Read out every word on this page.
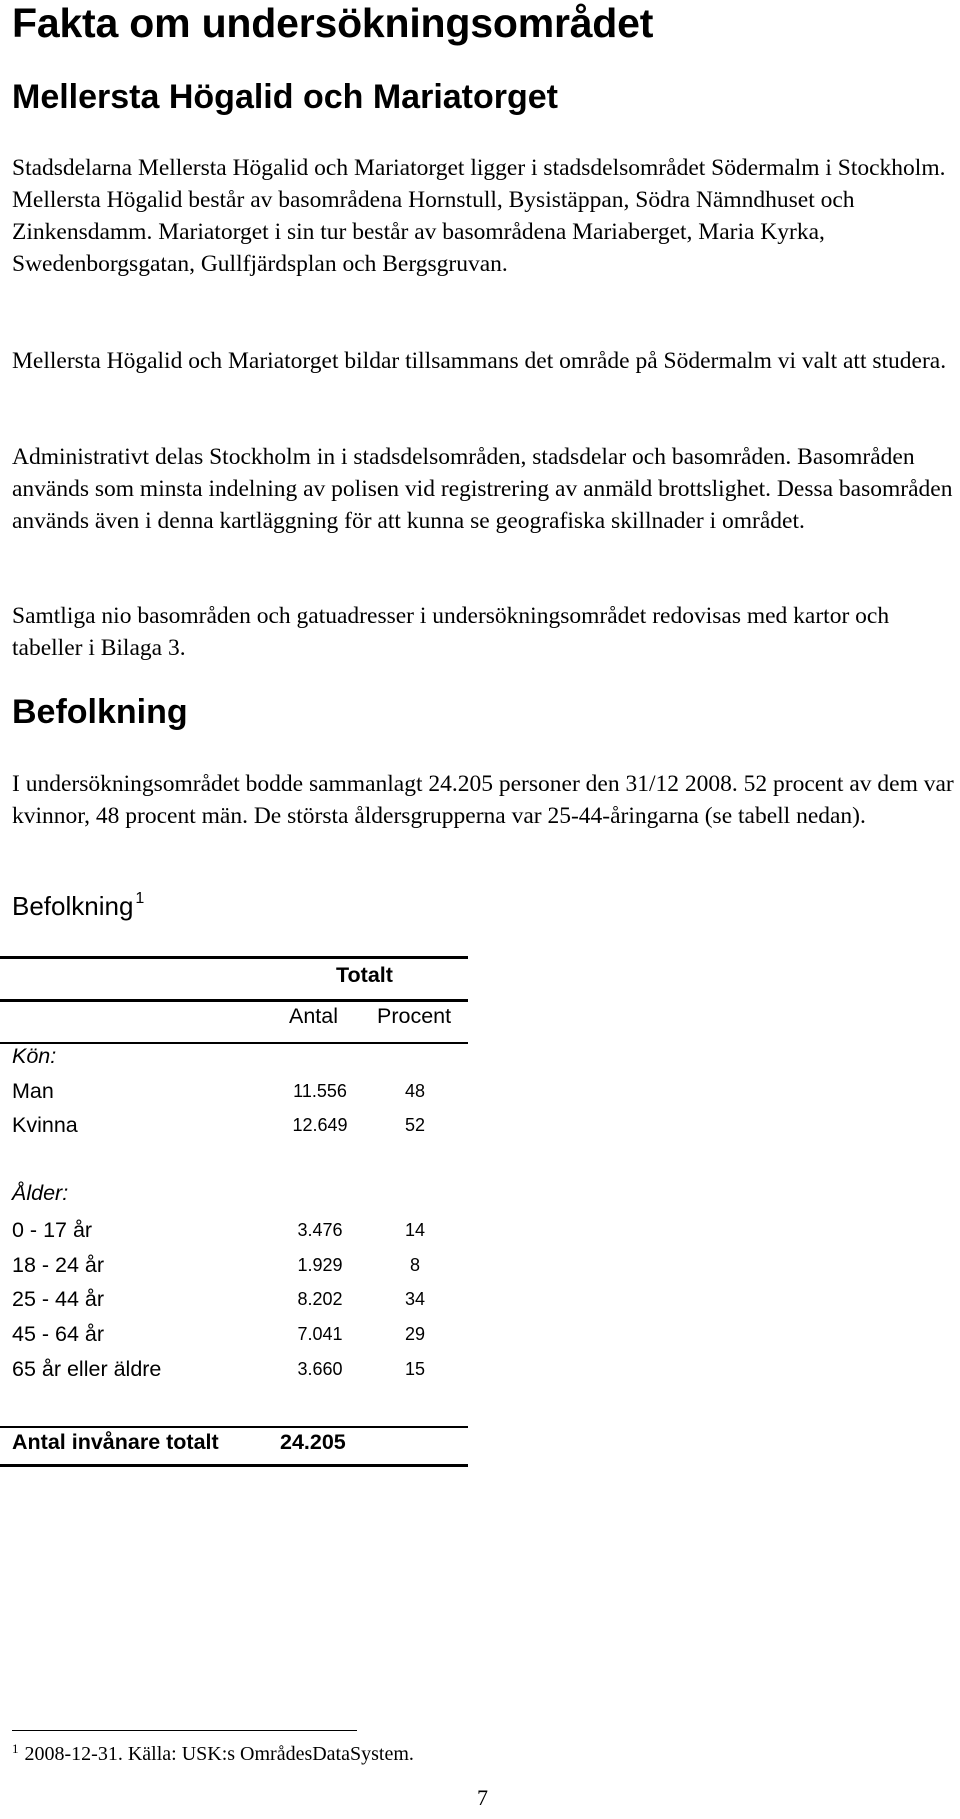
Fakta om undersökningsområdet
Mellersta Högalid och Mariatorget
Stadsdelarna Mellersta Högalid och Mariatorget ligger i stadsdelsområdet Södermalm i Stockholm. Mellersta Högalid består av basområdena Hornstull, Bysistäppan, Södra Nämndhuset och Zinkensdamm. Mariatorget i sin tur består av basområdena Mariaberget, Maria Kyrka, Swedenborgsgatan, Gullfjärdsplan och Bergsgruvan.
Mellersta Högalid och Mariatorget bildar tillsammans det område på Södermalm vi valt att studera.
Administrativt delas Stockholm in i stadsdelsområden, stadsdelar och basområden. Basområden används som minsta indelning av polisen vid registrering av anmäld brottslighet. Dessa basområden används även i denna kartläggning för att kunna se geografiska skillnader i området.
Samtliga nio basområden och gatuadresser i undersökningsområdet redovisas med kartor och tabeller i Bilaga 3.
Befolkning
I undersökningsområdet bodde sammanlagt 24.205 personer den 31/12 2008. 52 procent av dem var kvinnor, 48 procent män. De största åldersgrupperna var 25-44-åringarna (se tabell nedan).
Befolkning $^1$
Totalt
Antal Procent
Kön:
Man	11.556	48
Kvinna	12.649	52
Ålder:
0 - 17 år	3.476	14
18 - 24 år	1.929	8
25 - 44 år	8.202	34
45 - 64 år	7.041	29
65 år eller äldre	3.660	15
Antal invånare totalt	24.205
$^1$ 2008-12-31. Källa: USK:s OmrådesDataSystem.
7
